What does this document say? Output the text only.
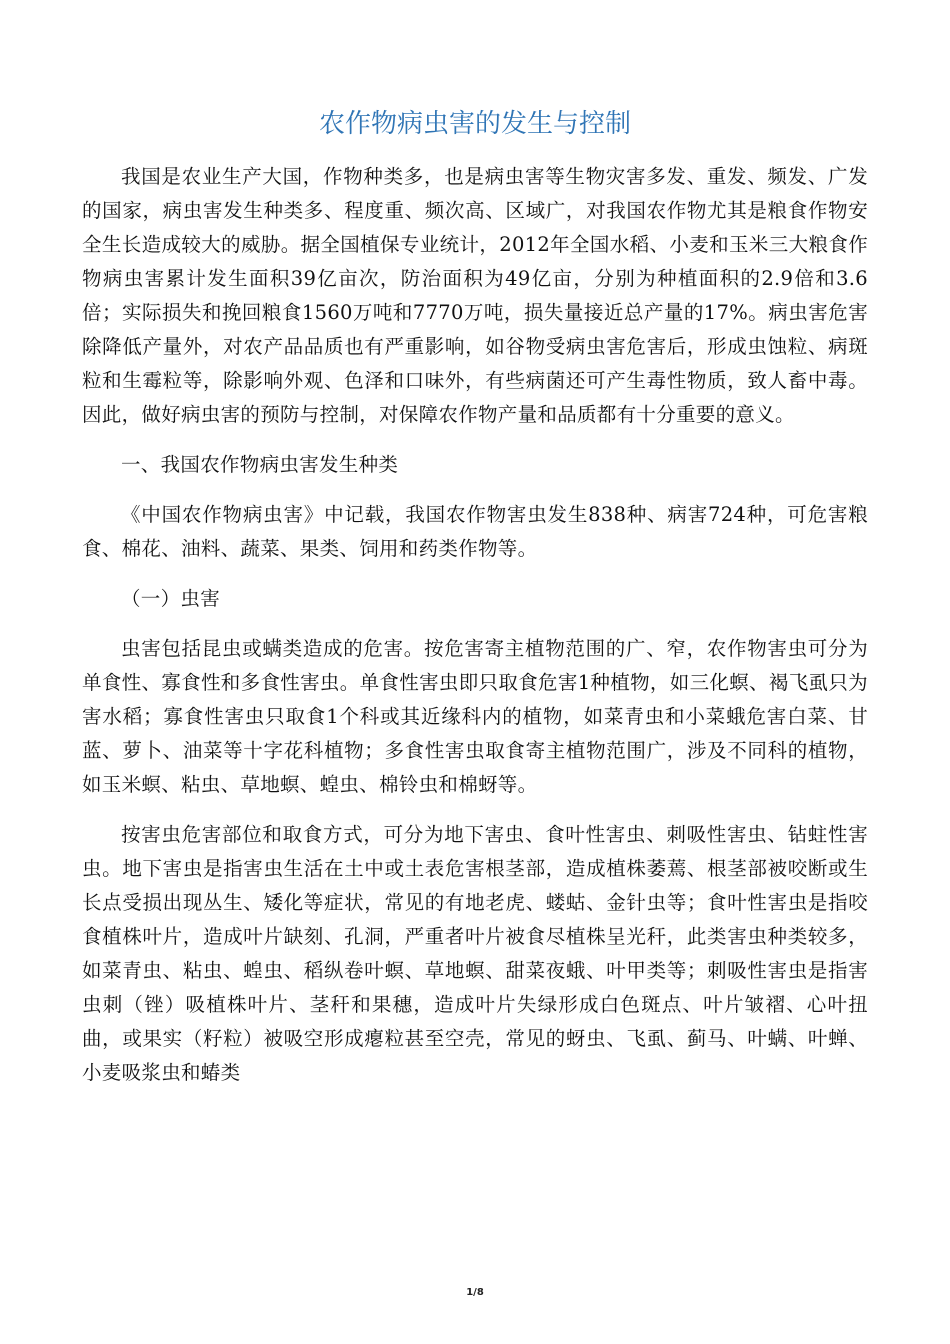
农作物病虫害的发生与控制

我国是农业生产大国，作物种类多，也是病虫害等生物灾害多发、重发、频发、广发的国家，病虫害发生种类多、程度重、频次高、区域广，对我国农作物尤其是粮食作物安全生长造成较大的威胁。据全国植保专业统计，2012年全国水稻、小麦和玉米三大粮食作物病虫害累计发生面积39亿亩次，防治面积为49亿亩，分别为种植面积的2.9倍和3.6倍；实际损失和挽回粮食1560万吨和7770万吨，损失量接近总产量的17%。病虫害危害除降低产量外，对农产品品质也有严重影响，如谷物受病虫害危害后，形成虫蚀粒、病斑粒和生霉粒等，除影响外观、色泽和口味外，有些病菌还可产生毒性物质，致人畜中毒。因此，做好病虫害的预防与控制，对保障农作物产量和品质都有十分重要的意义。

一、我国农作物病虫害发生种类

《中国农作物病虫害》中记载，我国农作物害虫发生838种、病害724种，可危害粮食、棉花、油料、蔬菜、果类、饲用和药类作物等。

（一）虫害

虫害包括昆虫或螨类造成的危害。按危害寄主植物范围的广、窄，农作物害虫可分为单食性、寡食性和多食性害虫。单食性害虫即只取食危害1种植物，如三化螟、褐飞虱只为害水稻；寡食性害虫只取食1个科或其近缘科内的植物，如菜青虫和小菜蛾危害白菜、甘蓝、萝卜、油菜等十字花科植物；多食性害虫取食寄主植物范围广，涉及不同科的植物，如玉米螟、粘虫、草地螟、蝗虫、棉铃虫和棉蚜等。

按害虫危害部位和取食方式，可分为地下害虫、食叶性害虫、刺吸性害虫、钻蛀性害虫。地下害虫是指害虫生活在土中或土表危害根茎部，造成植株萎蔫、根茎部被咬断或生长点受损出现丛生、矮化等症状，常见的有地老虎、蝼蛄、金针虫等；食叶性害虫是指咬食植株叶片，造成叶片缺刻、孔洞，严重者叶片被食尽植株呈光秆，此类害虫种类较多，如菜青虫、粘虫、蝗虫、稻纵卷叶螟、草地螟、甜菜夜蛾、叶甲类等；刺吸性害虫是指害虫刺（锉）吸植株叶片、茎秆和果穗，造成叶片失绿形成白色斑点、叶片皱褶、心叶扭曲，或果实（籽粒）被吸空形成瘪粒甚至空壳，常见的蚜虫、飞虱、蓟马、叶螨、叶蝉、小麦吸浆虫和蝽类

1/8
